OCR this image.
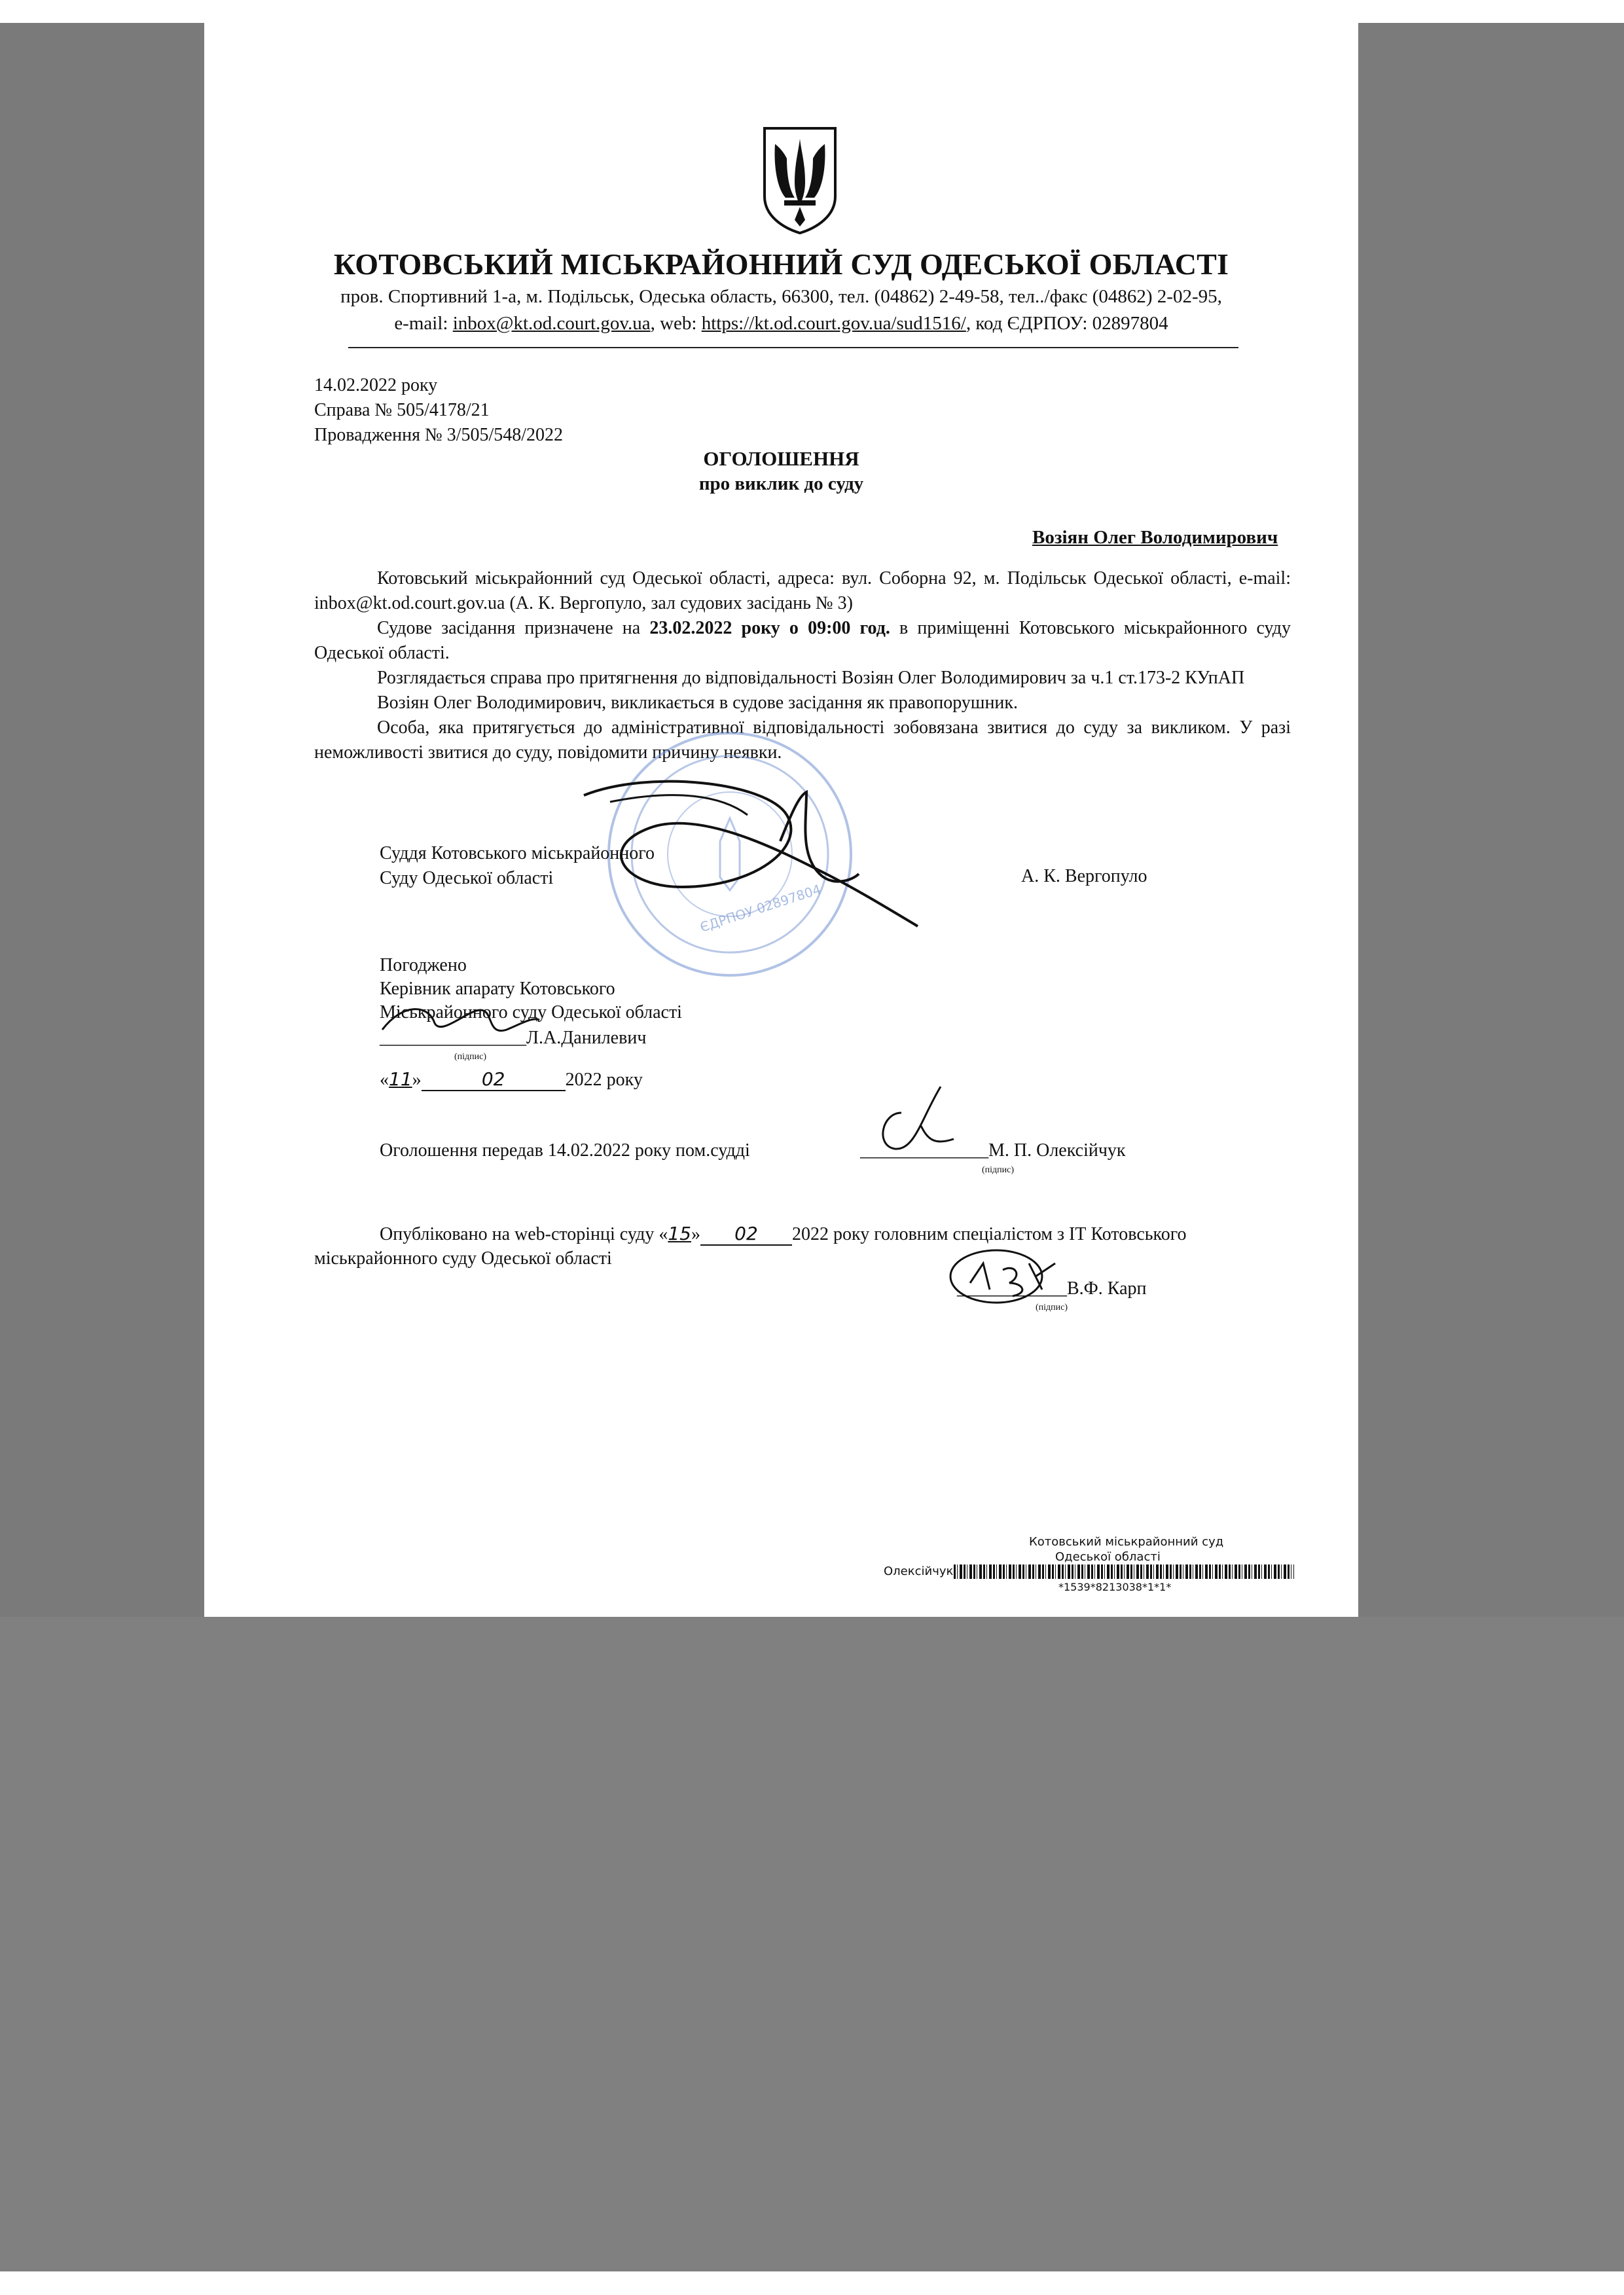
КОТОВСЬКИЙ МІСЬКРАЙОННИЙ СУД ОДЕСЬКОЇ ОБЛАСТІ
пров. Спортивний 1-а, м. Подільськ, Одеська область, 66300, тел. (04862) 2-49-58, тел../факс (04862) 2-02-95,
e-mail: inbox@kt.od.court.gov.ua, web: https://kt.od.court.gov.ua/sud1516/, код ЄДРПОУ: 02897804
14.02.2022 року
Справа № 505/4178/21
Провадження № 3/505/548/2022
ОГОЛОШЕННЯ
про виклик до суду
Возіян Олег Володимирович

Котовський міськрайонний суд Одеської області, адреса: вул. Соборна 92, м. Подільськ Одеської області, e-mail: inbox@kt.od.court.gov.ua (А. К. Вергопуло, зал судових засідань № 3)

Судове засідання призначене на 23.02.2022 року о 09:00 год. в приміщенні Котовського міськрайонного суду Одеської області.

Розглядається справа про притягнення до відповідальності Возіян Олег Володимирович за ч.1 ст.173-2 КУпАП

Возіян Олег Володимирович, викликається в судове засідання як правопорушник.

Особа, яка притягується до адміністративної відповідальності зобовязана звитися до суду за викликом. У разі неможливості звитися до суду, повідомити причину неявки.

ЄДРПОУ 02897804
Суддя Котовського міськрайонного
Суду Одеської області	А. К. Вергопуло
Погоджено
Керівник апарату Котовського
Міськрайонного суду Одеської області
________________Л.А.Данилевич
(підпис)
«11»	02	2022 року
Оголошення передав 14.02.2022 року пом.судді	______________М. П. Олексійчук
(підпис)
Опубліковано на web-сторінці суду «15» 02 2022 року головним спеціалістом з ІТ Котовського
міськрайонного суду Одеської області
____________В.Ф. Карп
(підпис)
Котовський міськрайонний суд
Одеської області
Олексійчук
*1539*8213038*1*1*
